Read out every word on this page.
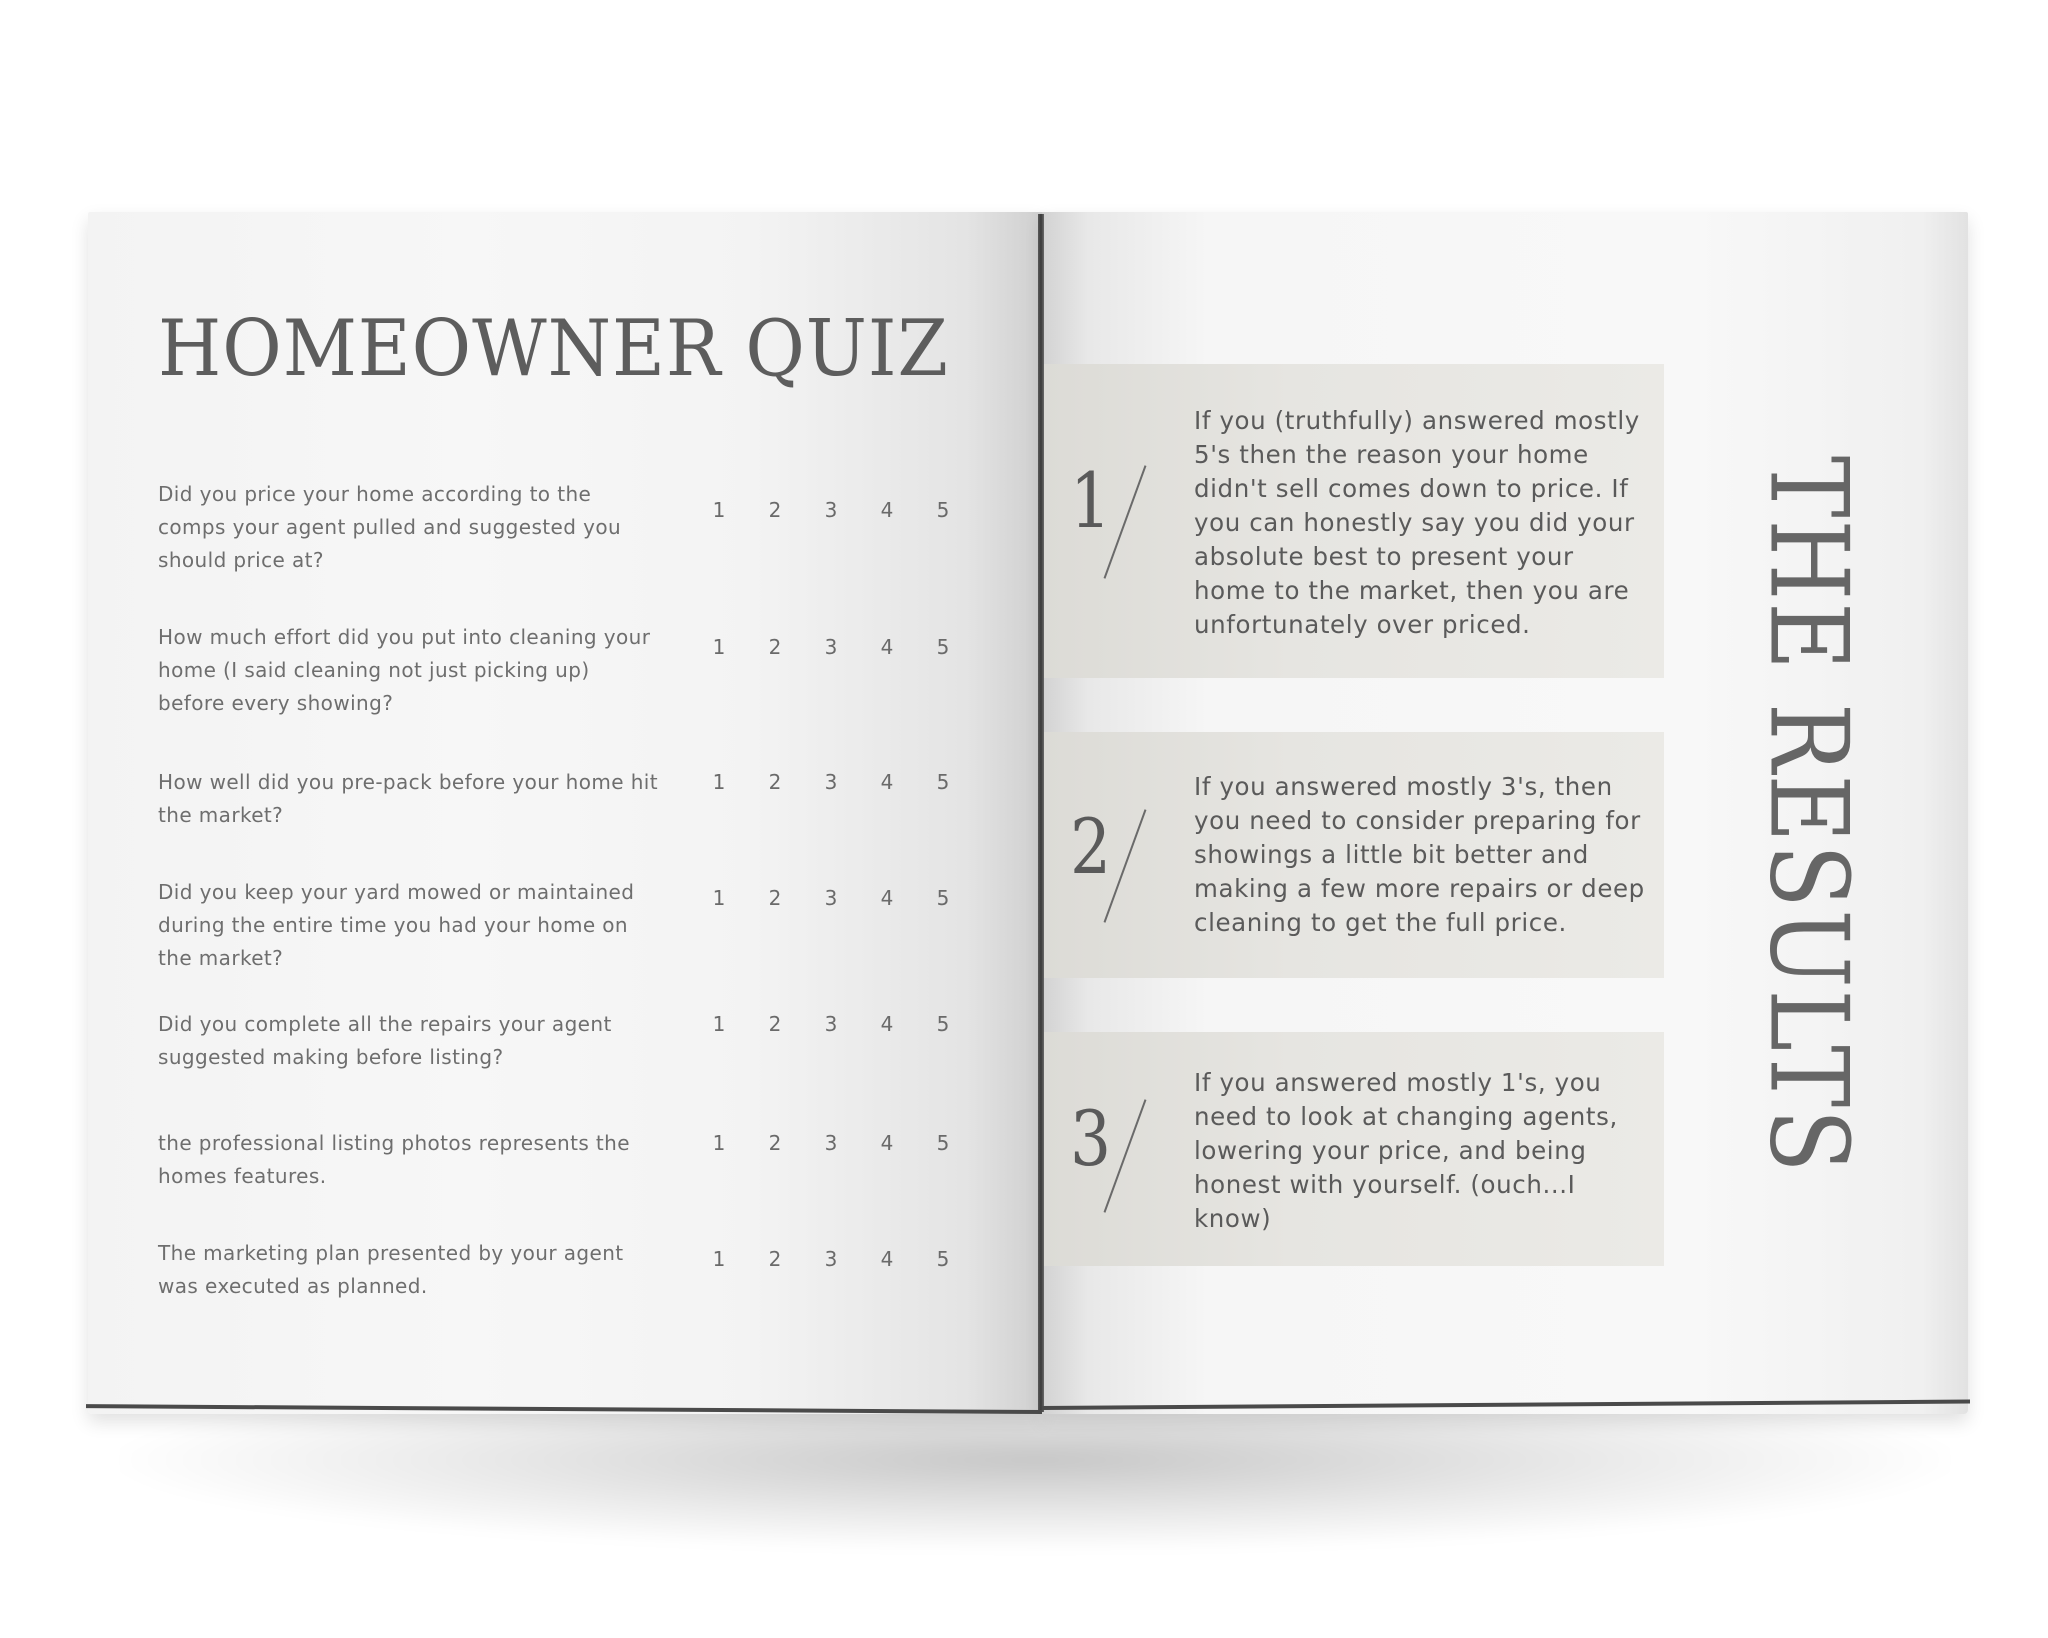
HOMEOWNER QUIZ

Did you price your home according to the comps your agent pulled and suggested you should price at?

1	2	3	4	5

How much effort did you put into cleaning your home (I said cleaning not just picking up) before every showing?

1	2	3	4	5

How well did you pre-pack before your home hit the market?

1	2	3	4	5

Did you keep your yard mowed or maintained during the entire time you had your home on the market?

1	2	3	4	5

Did you complete all the repairs your agent suggested making before listing?

1	2	3	4	5

the professional listing photos represents the homes features.

1	2	3	4	5

The marketing plan presented by your agent was executed as planned.

1	2	3	4	5
1

If you (truthfully) answered mostly 5's then the reason your home didn't sell comes down to price. If you can honestly say you did your absolute best to present your home to the market, then you are unfortunately over priced.

2

If you answered mostly 3's, then you need to consider preparing for showings a little bit better and making a few more repairs or deep cleaning to get the full price.

3

If you answered mostly 1's, you need to look at changing agents, lowering your price, and being honest with yourself. (ouch...I know)

THE RESULTS
